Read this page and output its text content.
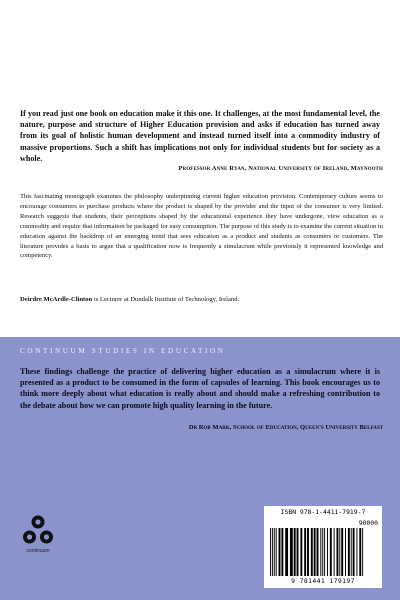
If you read just one book on education make it this one. It challenges, at the most fundamental level, the nature, purpose and structure of Higher Education provision and asks if education has turned away from its goal of holistic human development and instead turned itself into a commodity industry of massive proportions. Such a shift has implications not only for individual students but for society as a whole.

Professor Anne Ryan, National University of Ireland, Maynooth

This fascinating monograph examines the philosophy underpinning current higher education provision. Contemporary culture seems to encourage consumers to purchase products where the product is shaped by the provider and the input of the consumer is very limited. Research suggests that students, their perceptions shaped by the educational experience they have undergone, view education as a commodity and require that information be packaged for easy consumption. The purpose of this study is to examine the current situation in education against the backdrop of an emerging trend that sees education as a product and students as consumers or customers. The literature provides a basis to argue that a qualification now is frequently a simulacrum while previously it represented knowledge and competency.

Deirdre McArdle-Clinton is Lecturer at Dundalk Institute of Technology, Ireland.

CONTINUUM STUDIES IN EDUCATION

These findings challenge the practice of delivering higher education as a simulacrum where it is presented as a product to be consumed in the form of capsules of learning. This book encourages us to think more deeply about what education is really about and should make a refreshing contribution to the debate about how we can promote high quality learning in the future.

Dr Rob Mark, School of Education, Queen's University Belfast

continuum
ISBN 978-1-4411-7919-7
90000
9 781441 179197
